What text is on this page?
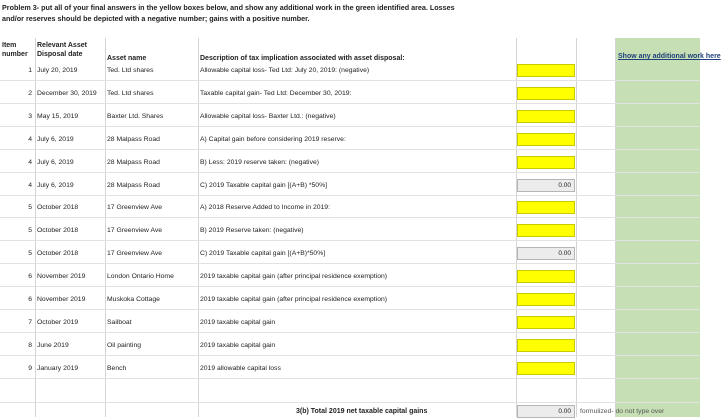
Problem 3- put all of your final answers in the yellow boxes below, and show any additional work in the green identified area. Losses
and/or reserves should be depicted with a negative number; gains with a positive number.
Item
number
Relevant Asset
Disposal date
Asset name	Description of tax implication associated with asset disposal:	Show any additional work here
1 July 20, 2019	Ted. Ltd shares	Allowable capital loss- Ted Ltd: July 20, 2019: (negative)
2 December 30, 2019	Ted. Ltd shares	Taxable capital gain- Ted Ltd: December 30, 2019:
3 May 15, 2019	Baxter Ltd. Shares	Allowable capital loss- Baxter Ltd.: (negative)
4 July 6, 2019	28 Malpass Road	A) Capital gain before considering 2019 reserve:
4 July 6, 2019	28 Malpass Road	B) Less: 2019 reserve taken: (negative)
4 July 6, 2019	28 Malpass Road	C) 2019 Taxable capital gain [(A+B) *50%]	0.00
5 October 2018	17 Greenview Ave	A) 2018 Reserve Added to Income in 2019:
5 October 2018	17 Greenview Ave	B) 2019 Reserve taken: (negative)
5 October 2018	17 Greenview Ave	C) 2019 Taxable capital gain [(A+B)*50%]	0.00
6 November 2019	London Ontario Home	2019 taxable capital gain (after principal residence exemption)
6 November 2019	Muskoka Cottage	2019 taxable capital gain (after principal residence exemption)
7 October 2019	Sailboat	2019 taxable capital gain
8 June 2019	Oil painting	2019 taxable capital gain
9 January 2019	Bench	2019 allowable capital loss
3(b) Total 2019 net taxable capital gains	0.00	formulized- do not type over
